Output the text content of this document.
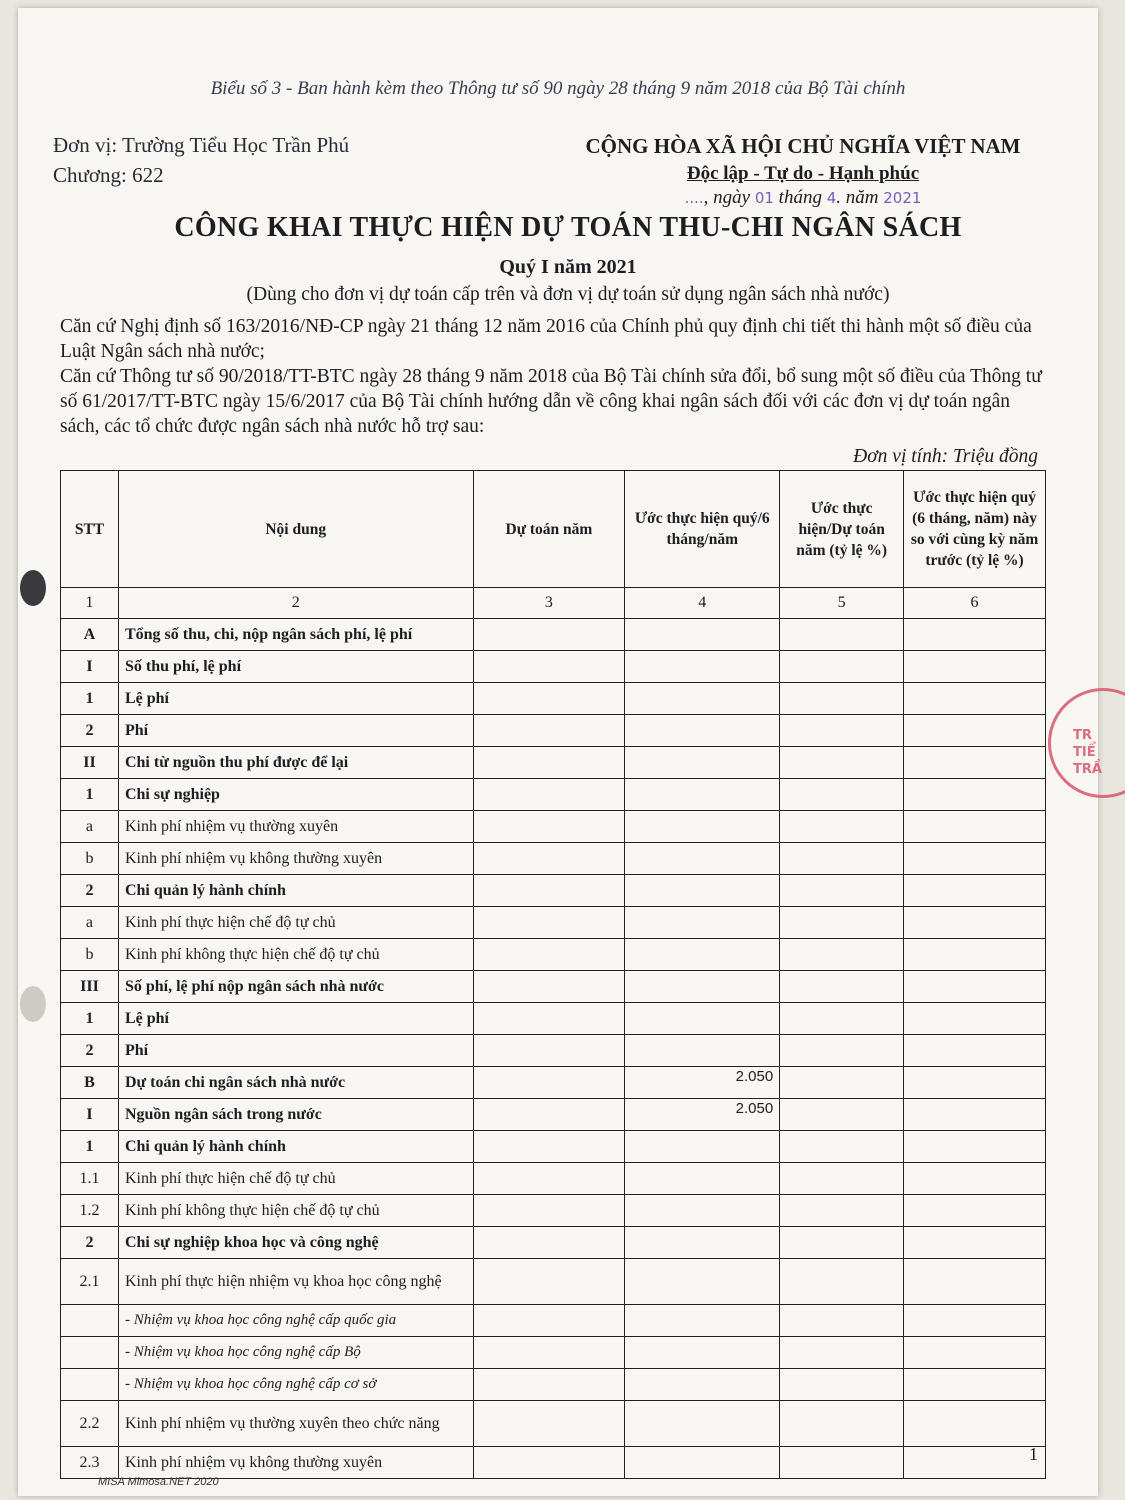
Biểu số 3 - Ban hành kèm theo Thông tư số 90 ngày 28 tháng 9 năm 2018 của Bộ Tài chính
Đơn vị: Trường Tiểu Học Trần Phú
Chương: 622
CỘNG HÒA XÃ HỘI CHỦ NGHĨA VIỆT NAM
Độc lập - Tự do - Hạnh phúc
...., ngày 01 tháng 4. năm 2021
CÔNG KHAI THỰC HIỆN DỰ TOÁN THU-CHI NGÂN SÁCH
Quý I năm 2021
(Dùng cho đơn vị dự toán cấp trên và đơn vị dự toán sử dụng ngân sách nhà nước)

Căn cứ Nghị định số 163/2016/NĐ-CP ngày 21 tháng 12 năm 2016 của Chính phủ quy định chi tiết thi hành một số điều của Luật Ngân sách nhà nước;

Căn cứ Thông tư số 90/2018/TT-BTC ngày 28 tháng 9 năm 2018 của Bộ Tài chính sửa đổi, bổ sung một số điều của Thông tư số 61/2017/TT-BTC ngày 15/6/2017 của Bộ Tài chính hướng dẫn về công khai ngân sách đối với các đơn vị dự toán ngân sách, các tổ chức được ngân sách nhà nước hỗ trợ sau:

Đơn vị tính: Triệu đồng
STT	Nội dung	Dự toán năm	Ước thực hiện quý/6 tháng/năm	Ước thực hiện/Dự toán năm (tỷ lệ %)	Ước thực hiện quý (6 tháng, năm) này so với cùng kỳ năm trước (tỷ lệ %)
1	2	3	4	5	6
A	Tổng số thu, chi, nộp ngân sách phí, lệ phí				
I	Số thu phí, lệ phí				
1	Lệ phí				
2	Phí				
II	Chi từ nguồn thu phí được để lại				
1	Chi sự nghiệp				
a	Kinh phí nhiệm vụ thường xuyên				
b	Kinh phí nhiệm vụ không thường xuyên				
2	Chi quản lý hành chính				
a	Kinh phí thực hiện chế độ tự chủ				
b	Kinh phí không thực hiện chế độ tự chủ				
III	Số phí, lệ phí nộp ngân sách nhà nước				
1	Lệ phí				
2	Phí				
B	Dự toán chi ngân sách nhà nước		2.050		
I	Nguồn ngân sách trong nước		2.050		
1	Chi quản lý hành chính				
1.1	Kinh phí thực hiện chế độ tự chủ				
1.2	Kinh phí không thực hiện chế độ tự chủ				
2	Chi sự nghiệp khoa học và công nghệ				
2.1	Kinh phí thực hiện nhiệm vụ khoa học công nghệ				
	- Nhiệm vụ khoa học công nghệ cấp quốc gia				
	- Nhiệm vụ khoa học công nghệ cấp Bộ				
	- Nhiệm vụ khoa học công nghệ cấp cơ sở				
2.2	Kinh phí nhiệm vụ thường xuyên theo chức năng				
2.3	Kinh phí nhiệm vụ không thường xuyên				
TR
TIỂ
TRẦ
1
MISA Mimosa.NET 2020
